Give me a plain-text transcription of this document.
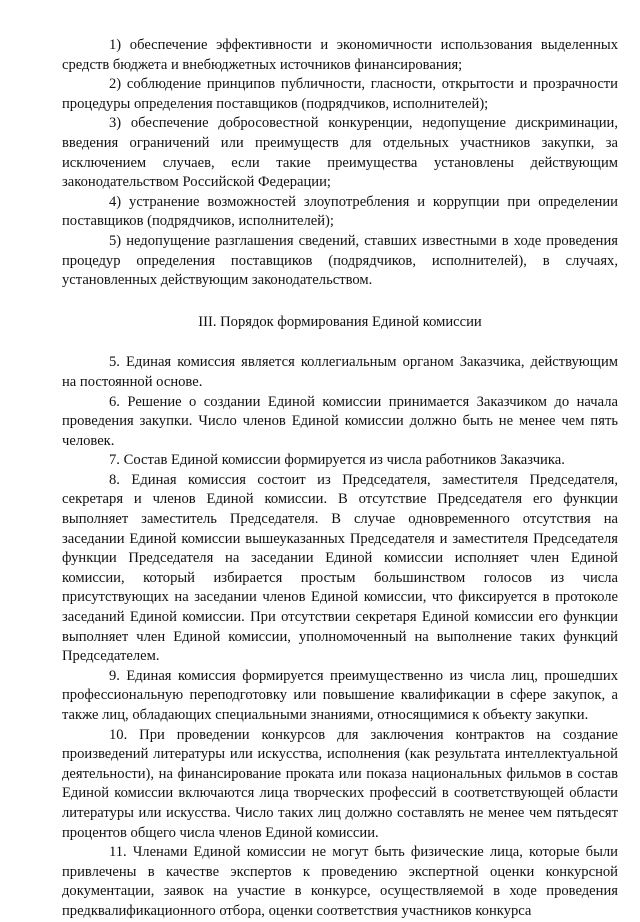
1) обеспечение эффективности и экономичности использования выделенных средств бюджета и внебюджетных источников финансирования;

2) соблюдение принципов публичности, гласности, открытости и прозрачности процедуры определения поставщиков (подрядчиков, исполнителей);

3) обеспечение добросовестной конкуренции, недопущение дискриминации, введения ограничений или преимуществ для отдельных участников закупки, за исключением случаев, если такие преимущества установлены действующим законодательством Российской Федерации;

4) устранение возможностей злоупотребления и коррупции при определении поставщиков (подрядчиков, исполнителей);

5) недопущение разглашения сведений, ставших известными в ходе проведения процедур определения поставщиков (подрядчиков, исполнителей), в случаях, установленных действующим законодательством.

III. Порядок формирования Единой комиссии

5. Единая комиссия является коллегиальным органом Заказчика, действующим на постоянной основе.

6. Решение о создании Единой комиссии принимается Заказчиком до начала проведения закупки. Число членов Единой комиссии должно быть не менее чем пять человек.

7. Состав Единой комиссии формируется из числа работников Заказчика.

8. Единая комиссия состоит из Председателя, заместителя Председателя, секретаря и членов Единой комиссии. В отсутствие Председателя его функции выполняет заместитель Председателя. В случае одновременного отсутствия на заседании Единой комиссии вышеуказанных Председателя и заместителя Председателя функции Председателя на заседании Единой комиссии исполняет член Единой комиссии, который избирается простым большинством голосов из числа присутствующих на заседании членов Единой комиссии, что фиксируется в протоколе заседаний Единой комиссии. При отсутствии секретаря Единой комиссии его функции выполняет член Единой комиссии, уполномоченный на выполнение таких функций Председателем.

9. Единая комиссия формируется преимущественно из числа лиц, прошедших профессиональную переподготовку или повышение квалификации в сфере закупок, а также лиц, обладающих специальными знаниями, относящимися к объекту закупки.

10. При проведении конкурсов для заключения контрактов на создание произведений литературы или искусства, исполнения (как результата интеллектуальной деятельности), на финансирование проката или показа национальных фильмов в состав Единой комиссии включаются лица творческих профессий в соответствующей области литературы или искусства. Число таких лиц должно составлять не менее чем пятьдесят процентов общего числа членов Единой комиссии.

11. Членами Единой комиссии не могут быть физические лица, которые были привлечены в качестве экспертов к проведению экспертной оценки конкурсной документации, заявок на участие в конкурсе, осуществляемой в ходе проведения предквалификационного отбора, оценки соответствия участников конкурса
